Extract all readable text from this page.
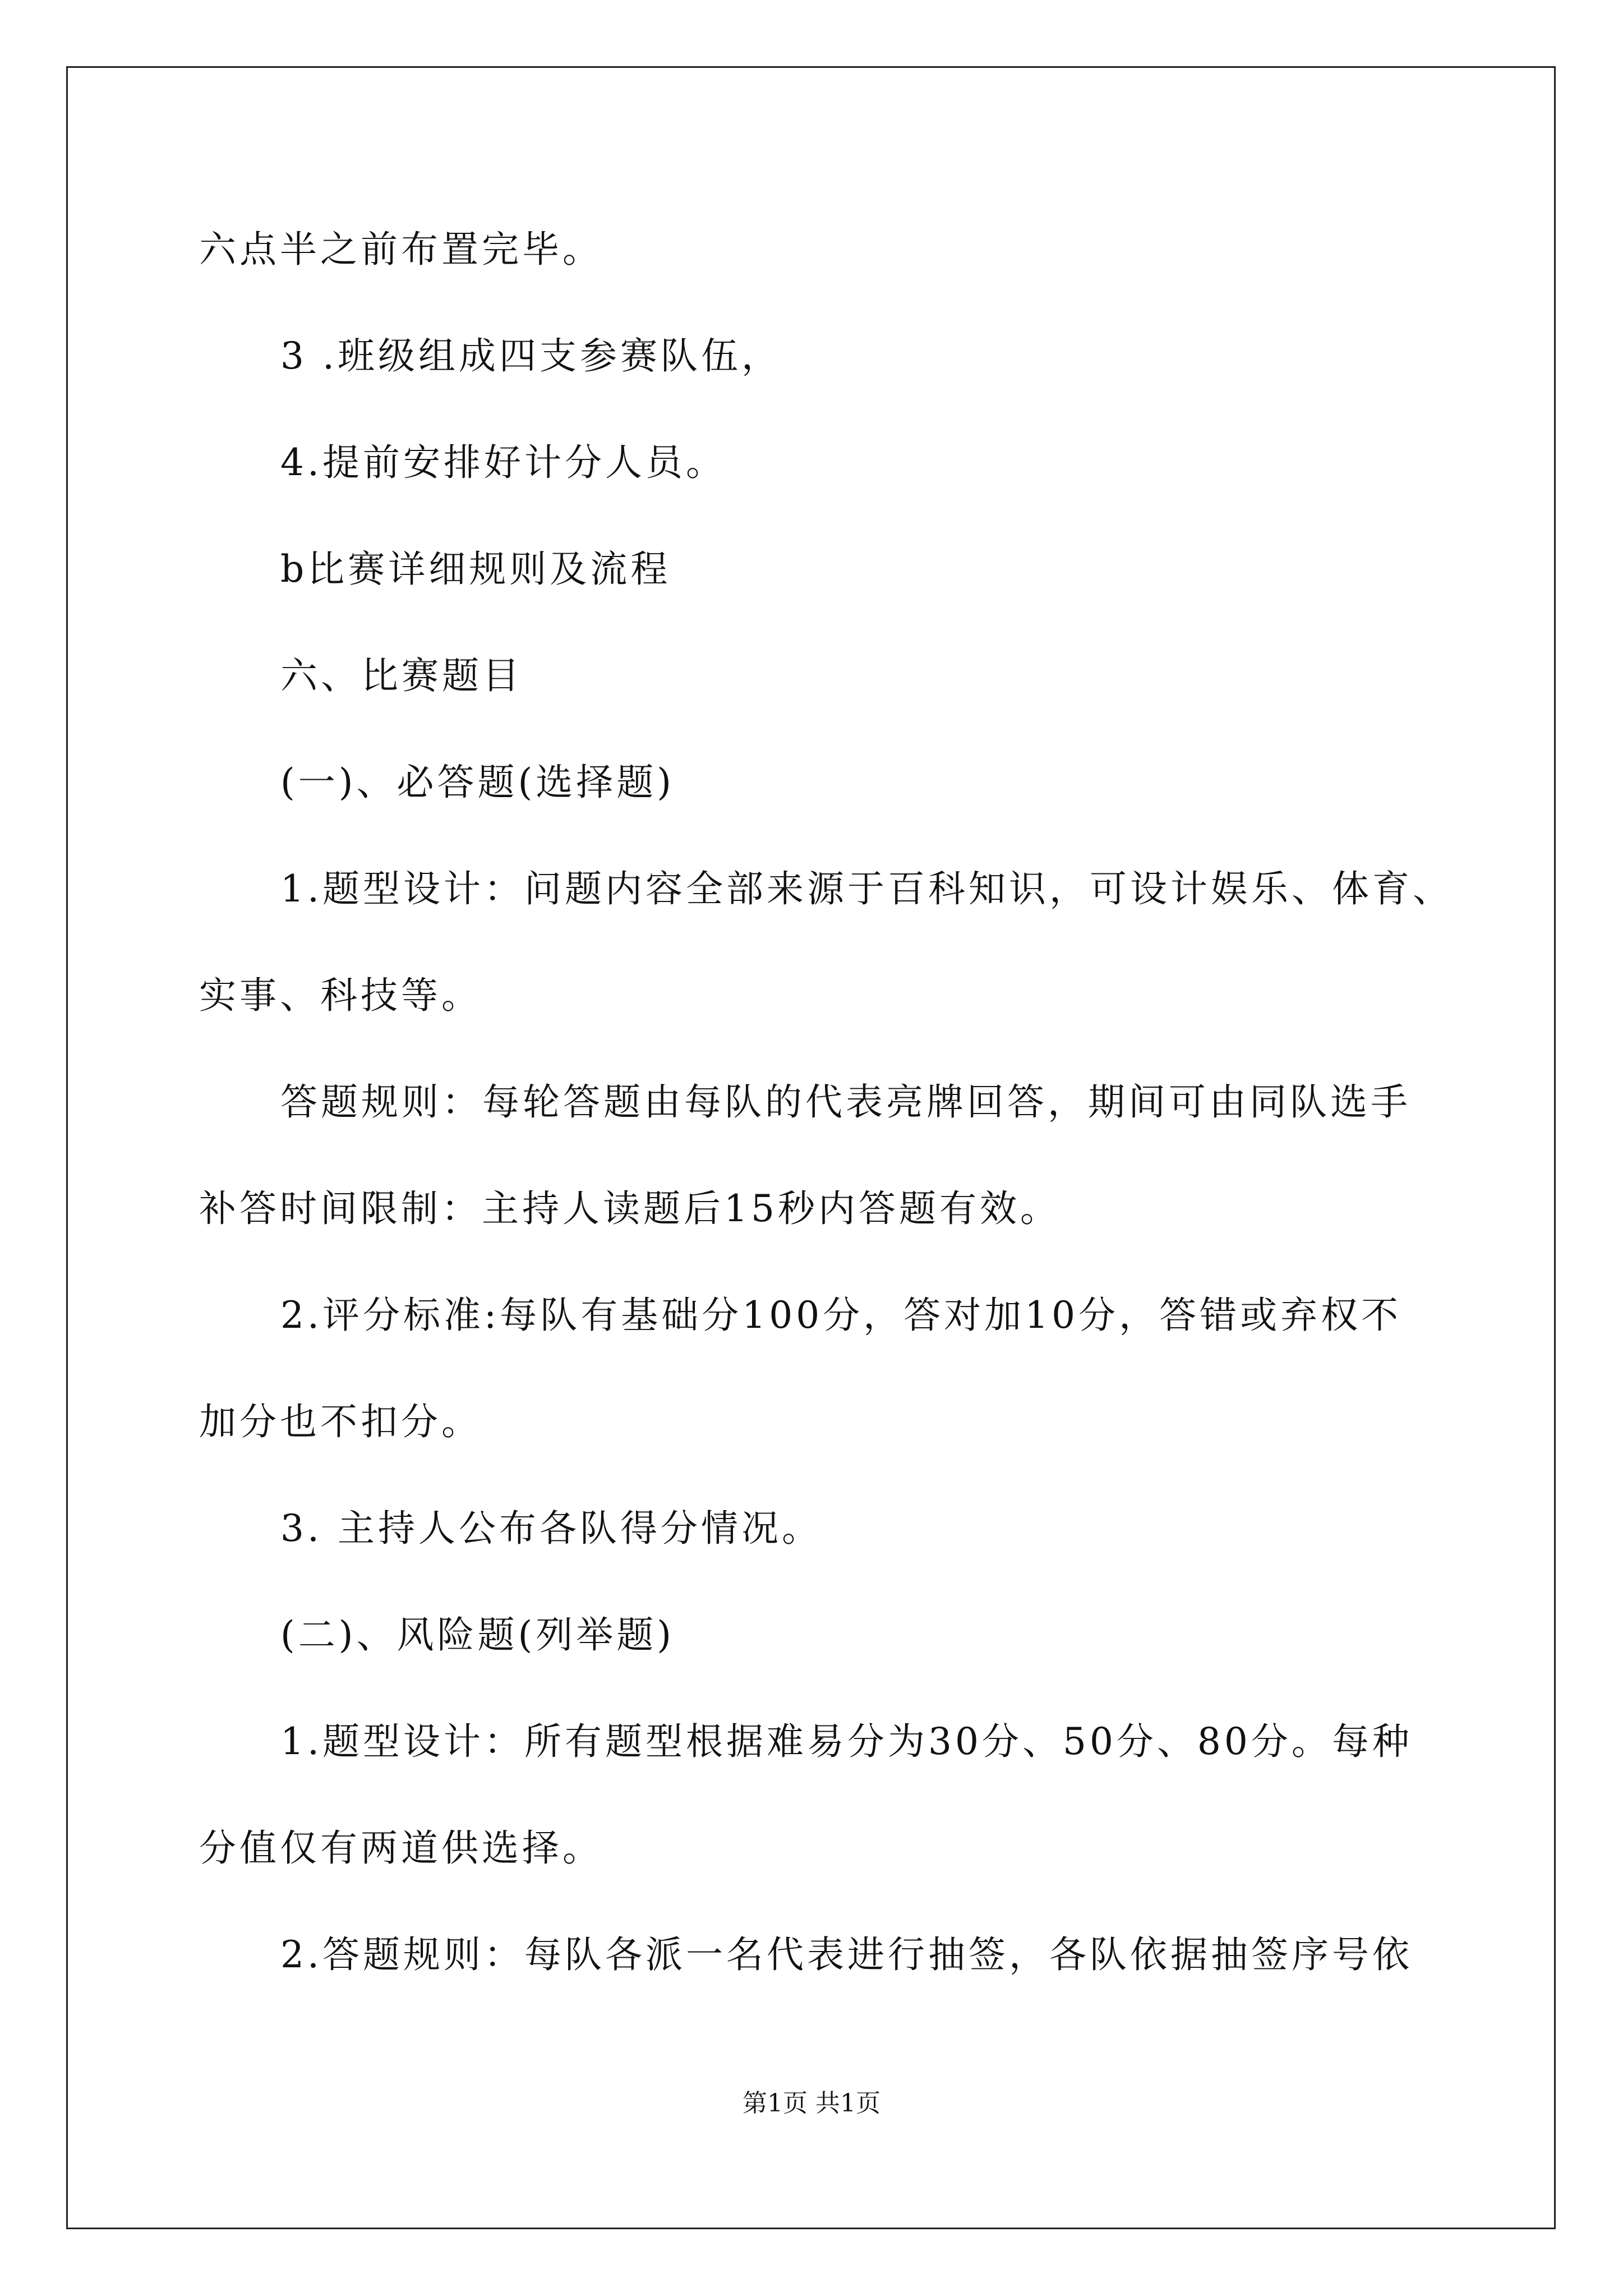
六点半之前布置完毕。
3 .班级组成四支参赛队伍，
4.提前安排好计分人员。
b比赛详细规则及流程
六、比赛题目
(一)、必答题(选择题)
1.题型设计：问题内容全部来源于百科知识，可设计娱乐、体育、
实事、科技等。
答题规则：每轮答题由每队的代表亮牌回答，期间可由同队选手
补答时间限制：主持人读题后15秒内答题有效。
2.评分标准:每队有基础分100分，答对加10分，答错或弃权不
加分也不扣分。
3. 主持人公布各队得分情况。
(二)、风险题(列举题)
1.题型设计：所有题型根据难易分为30分、50分、80分。每种
分值仅有两道供选择。
2.答题规则：每队各派一名代表进行抽签，各队依据抽签序号依
第1页 共1页
